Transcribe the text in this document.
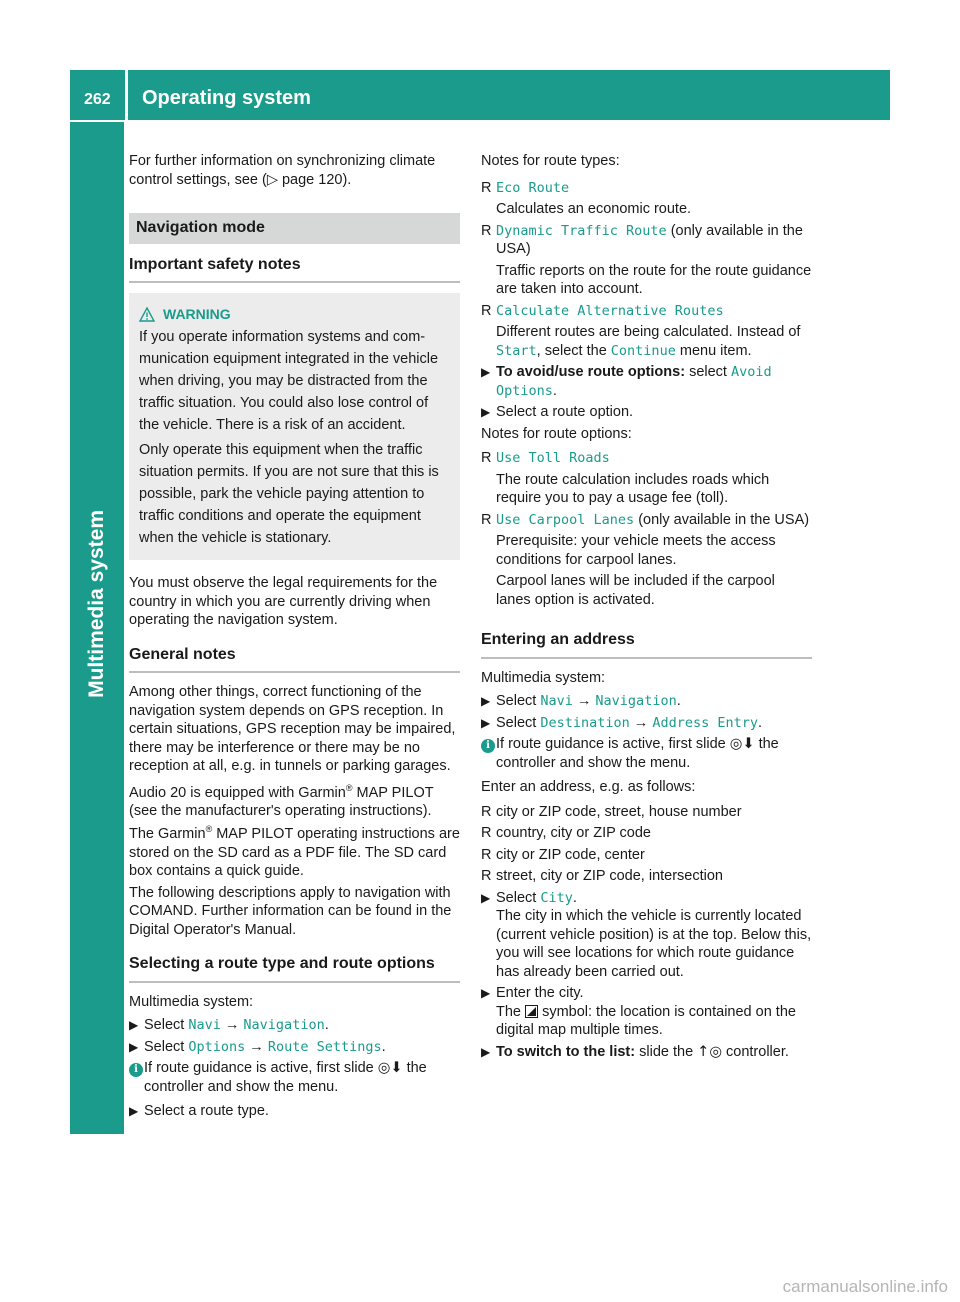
262 Operating system
Multimedia system

For further information on synchronizing climate control settings, see (▷ page 120).

Navigation mode
Important safety notes
WARNING

If you operate information systems and communication equipment integrated in the vehicle when driving, you may be distracted from the traffic situation. You could also lose control of the vehicle. There is a risk of an accident.

Only operate this equipment when the traffic situation permits. If you are not sure that this is possible, park the vehicle paying attention to traffic conditions and operate the equipment when the vehicle is stationary.

You must observe the legal requirements for the country in which you are currently driving when operating the navigation system.

General notes

Among other things, correct functioning of the navigation system depends on GPS reception. In certain situations, GPS reception may be impaired, there may be interference or there may be no reception at all, e.g. in tunnels or parking garages.

Audio 20 is equipped with Garmin® MAP PILOT (see the manufacturer's operating instructions). The Garmin® MAP PILOT operating instructions are stored on the SD card as a PDF file. The SD card box contains a quick guide.

The following descriptions apply to navigation with COMAND. Further information can be found in the Digital Operator's Manual.

Selecting a route type and route options

Multimedia system:

▶ Select Navi → Navigation.
▶ Select Options → Route Settings.
i If route guidance is active, first slide ◎⬇ the controller and show the menu.
▶ Select a route type.

Notes for route types:

R Eco Route

Calculates an economic route.

R Dynamic Traffic Route (only available in the USA)

Traffic reports on the route for the route guidance are taken into account.

R Calculate Alternative Routes

Different routes are being calculated. Instead of Start, select the Continue menu item.

▶ To avoid/use route options: select Avoid Options.
▶ Select a route option.

Notes for route options:

R Use Toll Roads

The route calculation includes roads which require you to pay a usage fee (toll).

R Use Carpool Lanes (only available in the USA)

Prerequisite: your vehicle meets the access conditions for carpool lanes.

Carpool lanes will be included if the carpool lanes option is activated.

Entering an address

Multimedia system:

▶ Select Navi → Navigation.
▶ Select Destination → Address Entry.
i If route guidance is active, first slide ◎⬇ the controller and show the menu.

Enter an address, e.g. as follows:

R city or ZIP code, street, house number
R country, city or ZIP code
R city or ZIP code, center
R street, city or ZIP code, intersection
▶ Select City.
The city in which the vehicle is currently located (current vehicle position) is at the top. Below this, you will see locations for which route guidance has already been carried out.
▶ Enter the city.
The symbol: the location is contained on the digital map multiple times.
▶ To switch to the list: slide the ↑◎ controller.
carmanualsonline.info
